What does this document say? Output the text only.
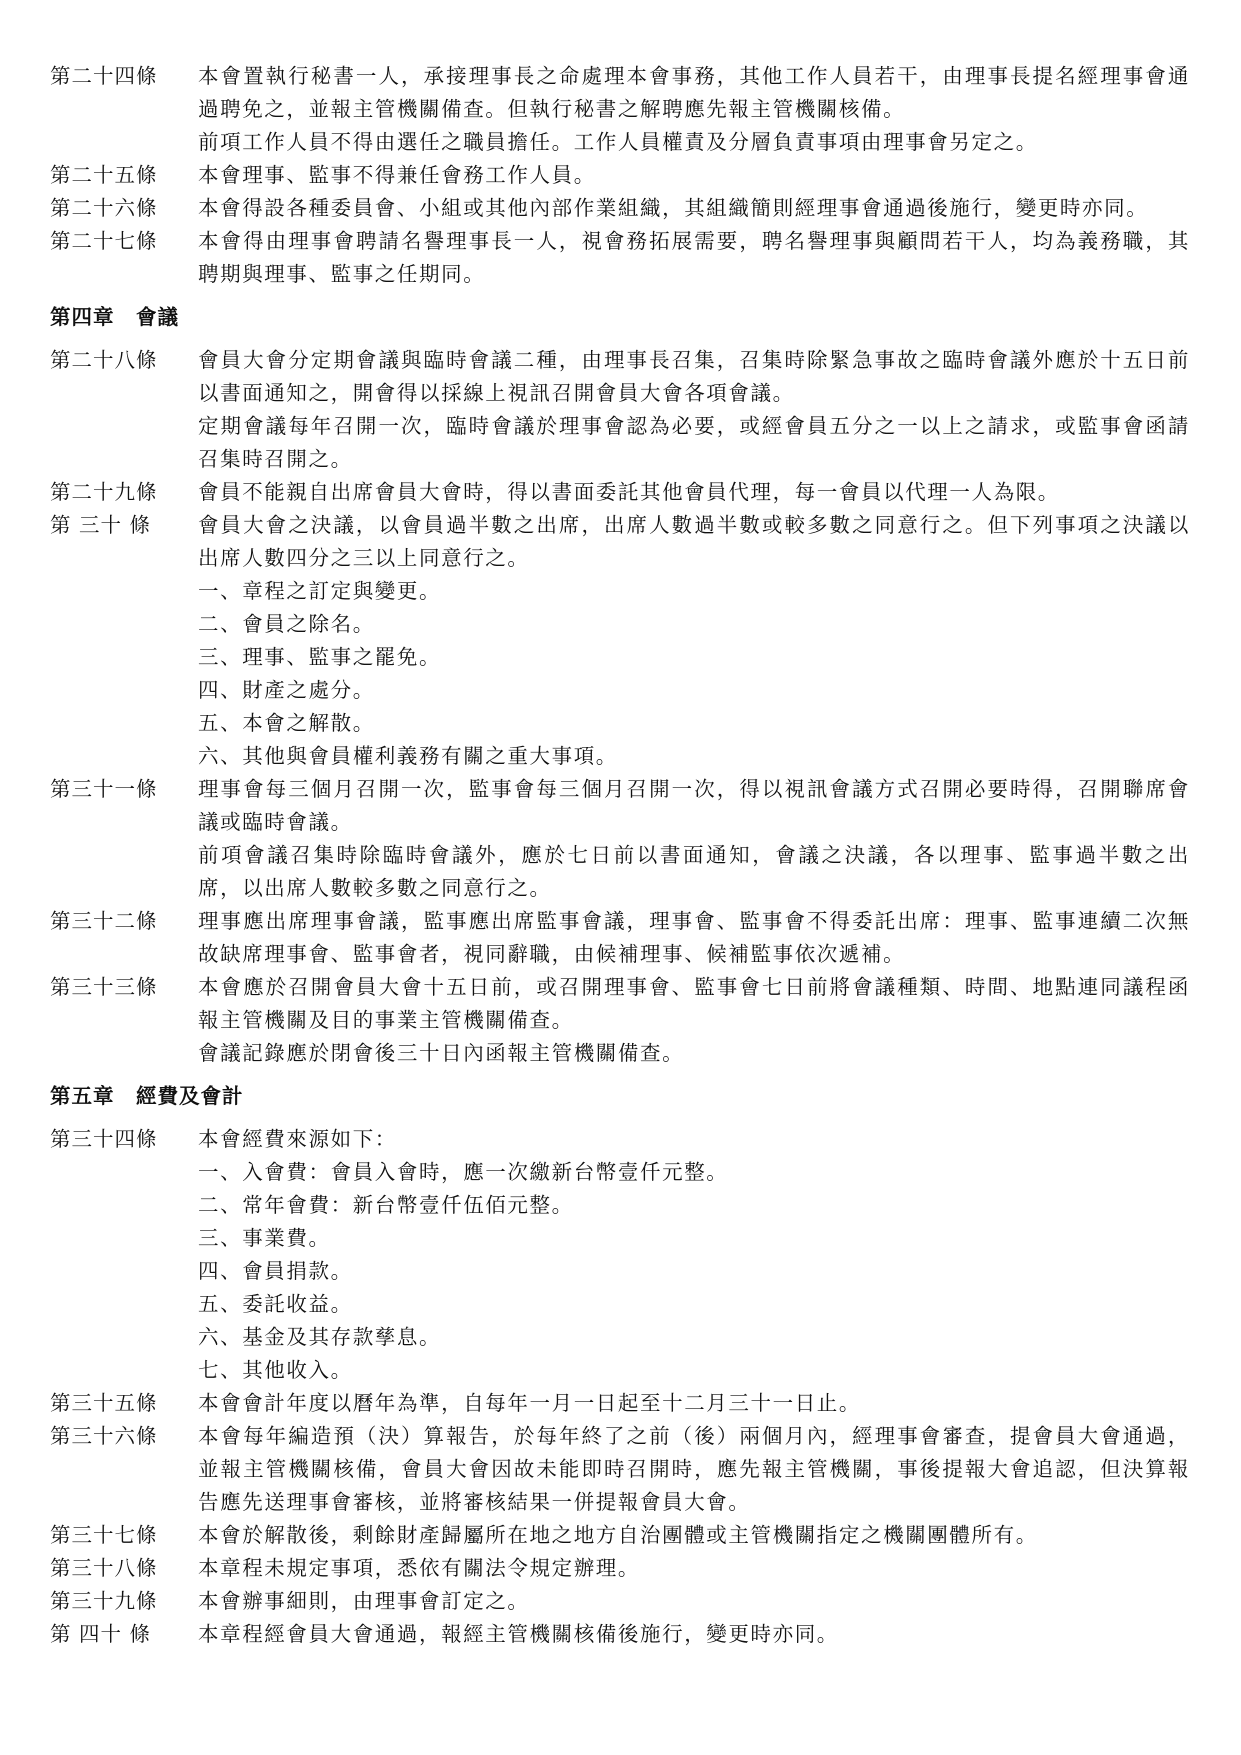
第二十四條	本會置執行秘書一人，承接理事長之命處理本會事務，其他工作人員若干，由理事長提名經理事會通過聘免之，並報主管機關備查。但執行秘書之解聘應先報主管機關核備。

前項工作人員不得由選任之職員擔任。工作人員權責及分層負責事項由理事會另定之。

第二十五條	本會理事、監事不得兼任會務工作人員。

第二十六條	本會得設各種委員會、小組或其他內部作業組織，其組織簡則經理事會通過後施行，變更時亦同。

第二十七條	本會得由理事會聘請名譽理事長一人，視會務拓展需要，聘名譽理事與顧問若干人，均為義務職，其聘期與理事、監事之任期同。

第四章　會議
第二十八條	會員大會分定期會議與臨時會議二種，由理事長召集，召集時除緊急事故之臨時會議外應於十五日前以書面通知之，開會得以採線上視訊召開會員大會各項會議。

定期會議每年召開一次，臨時會議於理事會認為必要，或經會員五分之一以上之請求，或監事會函請召集時召開之。

第二十九條	會員不能親自出席會員大會時，得以書面委託其他會員代理，每一會員以代理一人為限。

第 三十 條	會員大會之決議，以會員過半數之出席，出席人數過半數或較多數之同意行之。但下列事項之決議以出席人數四分之三以上同意行之。

一、章程之訂定與變更。

二、會員之除名。

三、理事、監事之罷免。

四、財產之處分。

五、本會之解散。

六、其他與會員權利義務有關之重大事項。

第三十一條	理事會每三個月召開一次，監事會每三個月召開一次，得以視訊會議方式召開必要時得，召開聯席會議或臨時會議。

前項會議召集時除臨時會議外，應於七日前以書面通知，會議之決議，各以理事、監事過半數之出席，以出席人數較多數之同意行之。

第三十二條	理事應出席理事會議，監事應出席監事會議，理事會、監事會不得委託出席：理事、監事連續二次無故缺席理事會、監事會者，視同辭職，由候補理事、候補監事依次遞補。

第三十三條	本會應於召開會員大會十五日前，或召開理事會、監事會七日前將會議種類、時間、地點連同議程函報主管機關及目的事業主管機關備查。

會議記錄應於閉會後三十日內函報主管機關備查。

第五章　經費及會計
第三十四條	本會經費來源如下：

一、入會費：會員入會時，應一次繳新台幣壹仟元整。

二、常年會費：新台幣壹仟伍佰元整。

三、事業費。

四、會員捐款。

五、委託收益。

六、基金及其存款孳息。

七、其他收入。

第三十五條	本會會計年度以曆年為準，自每年一月一日起至十二月三十一日止。

第三十六條	本會每年編造預（決）算報告，於每年終了之前（後）兩個月內，經理事會審查，提會員大會通過，並報主管機關核備，會員大會因故未能即時召開時，應先報主管機關，事後提報大會追認，但決算報告應先送理事會審核，並將審核結果一併提報會員大會。

第三十七條	本會於解散後，剩餘財產歸屬所在地之地方自治團體或主管機關指定之機關團體所有。

第三十八條	本章程未規定事項，悉依有關法令規定辦理。

第三十九條	本會辦事細則，由理事會訂定之。

第 四十 條	本章程經會員大會通過，報經主管機關核備後施行，變更時亦同。
